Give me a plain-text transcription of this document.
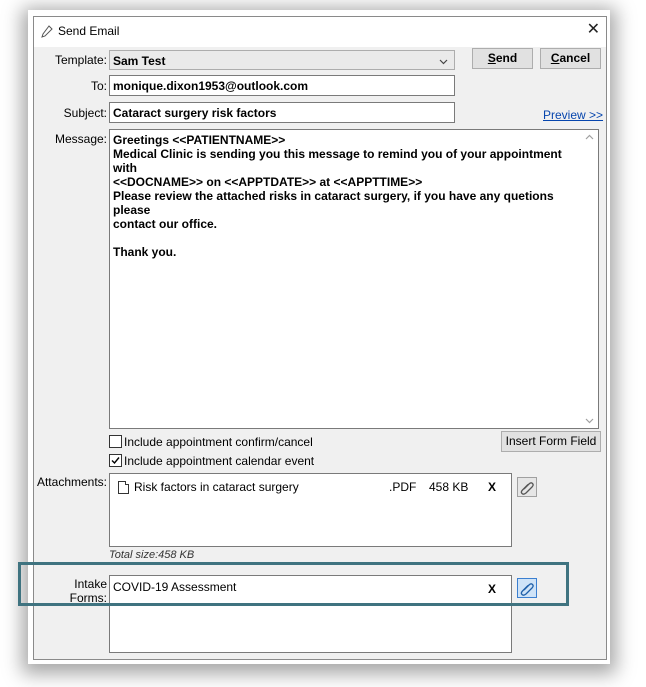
Send Email	✕
Template: Sam Test	Send	Cancel
To: monique.dixon1953@outlook.com
Subject: Cataract surgery risk factors	Preview >>
Message: Greetings <<PATIENTNAME>>
Medical Clinic is sending you this message to remind you of your appointment with
<<DOCNAME>> on <<APPTDATE>> at <<APPTTIME>>
Please review the attached risks in cataract surgery, if you have any quetions please
contact our office.
Thank you.
Include appointment confirm/cancel	Insert Form Field
Include appointment calendar event
Attachments: Risk factors in cataract surgery	.PDF 458 KB X
Total size:458 KB
Intake Forms:
COVID-19 Assessment	X
